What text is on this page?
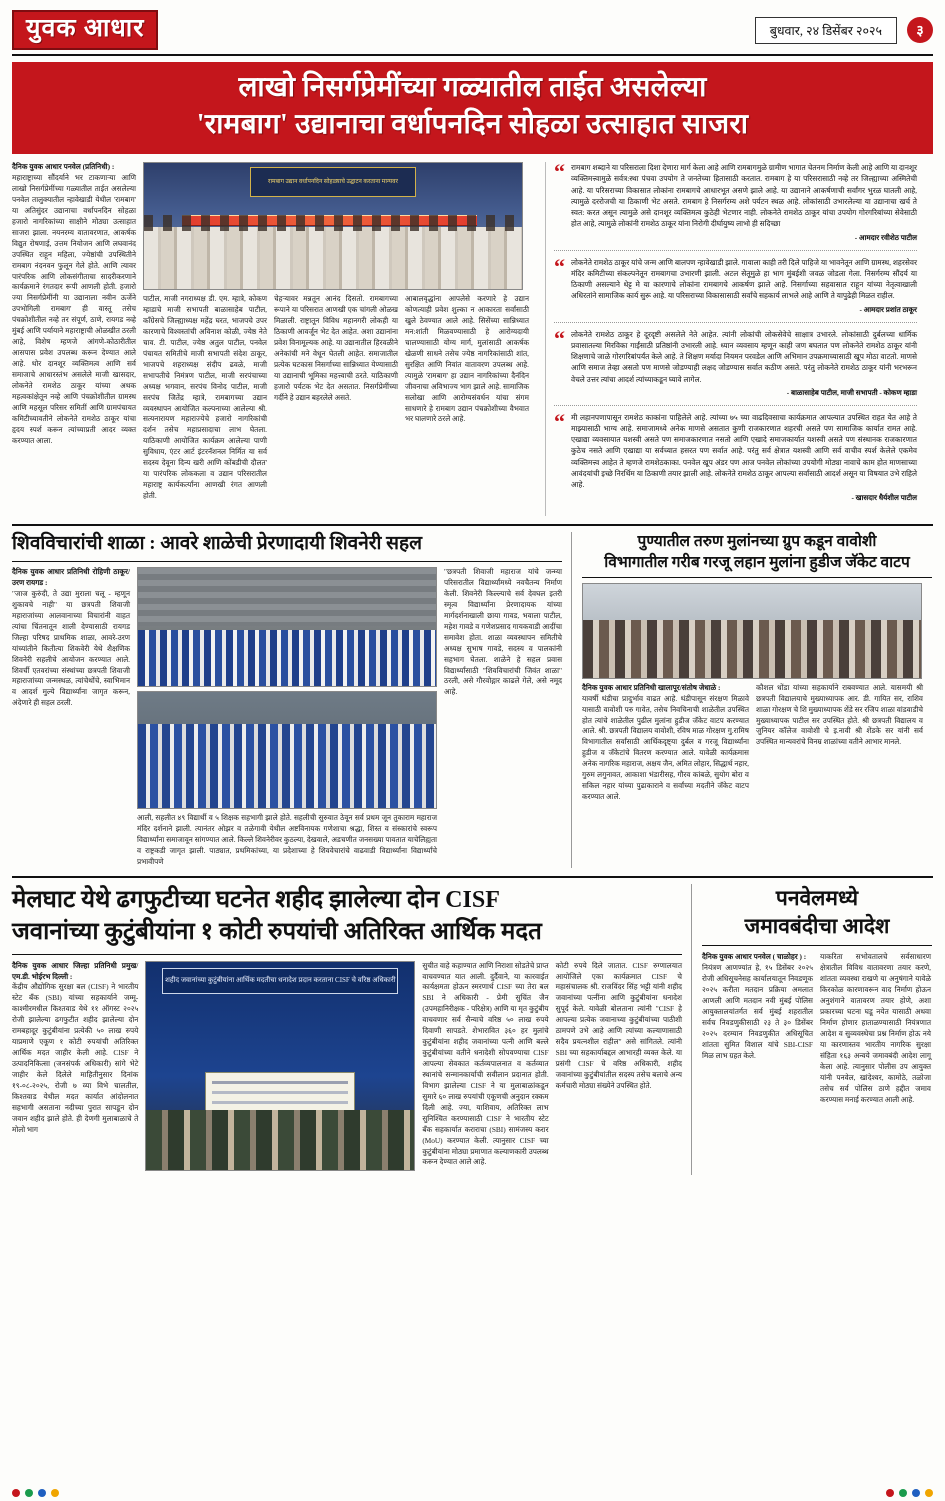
युवक आधार	बुधवार, २४ डिसेंबर २०२५	३
लाखो निसर्गप्रेमींच्या गळ्यातील ताईत असलेल्या
'रामबाग' उद्यानाचा वर्धापनदिन सोहळा उत्साहात साजरा
दैनिक युवक आधार पनवेल (प्रतिनिधी) :
महाराष्ट्राच्या सौंदर्याने भर टाकणाऱ्या आणि लाखो निसर्गप्रेमींच्या गळ्यातील ताईत असलेल्या पनवेल तालुक्यातील न्हावेखाडी येथील 'रामबाग' या अतिसुंदर उद्यानाचा वर्धापनदिन सोहळा हजारो नागरिकांच्या साक्षीने मोठ्या उत्साहात साजरा झाला. नयनरम्य वातावरणात, आकर्षक विद्युत रोषणाई, उत्तम नियोजन आणि लघवानंद उपस्थित राहून महिला, ज्येष्ठांची उपस्थितीने रामबाग नंदनवन फुलून गेले होते. आणि त्यावर पारंपरिक आणि लोकसंगीताचा सादरीकरणाने कार्यक्रमाने रंगतदार रूपी आणली होती. हजारो ज्या निसर्गप्रेमींनी या उद्यानाला नवीन ऊर्जेने उपभोगिली रामबाग' ही वास्तू तसेच पंचक्रोशीतील नव्हे तर संपूर्ण, ठाणे, रायगड नव्हे मुंबई आणि पर्यायाने महाराष्ट्राची ओळखीत ठरली आहे, विशेष म्हणजे आंगणे-कोठारीतील आसपास प्रवेश उपलब्ध करून देण्यात आले आहे. थोर दानशूर व्यक्तिमत्व आणि सर्व समाजाचे आधारस्तंभ असलेले माजी खासदार, लोकनेते रामशेठ ठाकूर यांच्या अथक महत्वकांक्षेतून नव्हे आणि पंचक्रोशीतील ग्रामस्थ आणि महसूल परिसर समितीं आणि ग्रामपंचायत कमिटीच्यावतीने लोकनेते रामशेठ ठाकूर यांचा हृदय स्पर्श करून त्यांच्याप्रती आदर व्यक्त करण्यात आला.
रामबाग उद्यान वर्धापनदिन सोहळ्याचे उद्घाटन करताना मान्यवर
पाटील, माजी नगराध्यक्ष डी. एम. म्हात्रे, कोकण म्हाडाचे माजी सभापती बाळासाहेब पाटील, कॉंग्रेसचे जिल्ह्याध्यक्ष महेंद्र घरत, भाजपचे उपर कारणाचे विश्वस्तांची अविनाश कोळी, ज्येष्ठ नेते चाव. टी. पाटील, ज्येष्ठ अतुल पाटील, पनवेल पंचायत समितीचे माजी सभापती संदेश ठाकूर, भाजपचे शहराध्यक्ष संदीप ढवळे, माजी सभापतीचे निमंत्रण पाटील, माजी सरपंचाच्या अध्यक्ष भगवान, सरपंच विनोद पाटील, माजी सरपंच जितेंद्र म्हात्रे, रामबागच्या उद्यान व्यवस्थापन आयोजित कल्पनाच्या आलेल्या श्री. सत्यनारायण महाराज्येचे हजारो नागरिकांची दर्शन तसेच महाप्रसादाचा लाभ घेतला. याठिकाणी आयोजित कार्यक्रम आलेल्या पाणी सुविधाय, एंटर आर्ट इंटरनॅशनल निर्मित या सर्व सदस्य देवूना दिन्य खरी आणि कोंबडीची दौलत' या पारंपरिक लोककला व उद्यान परिसरातील महाराष्ट्र कार्यकर्त्यांना आणखी रंगत आणली होती.
चेहऱ्यावर मन्नतून आनंद दिसतो. रामबागच्या रूपाने या परिसरात आणखी एक चांगली ओळख मिळाली. राष्ट्रातून विविध महानगरी लोकही या ठिकाणी आवर्जून भेट देत आहेत. अशा उद्यानांना प्रवेश विनामूल्यक आहे. या उद्यानातील हिरवळीने अनेकांची मने वेधून घेतली आहेत. समाजातील प्रत्येक घटकास निसर्गाच्या सान्निध्यात येण्यासाठी या उद्यानाची भूमिका महत्त्वाची ठरते. याठिकाणी हजारो पर्यटक भेट देत असतात. निसर्गप्रेमींच्या गर्दीने हे उद्यान बहरलेले असते.
आबालवृद्धांना आपलेसे करणारे हे उद्यान कोणत्याही प्रवेश शुल्का न आकारता सर्वांसाठी खुले ठेवण्यात आले आहे. सिसेंच्या सान्निध्यात मन:शांती मिळवण्यासाठी हे आरोग्यदायी चालण्यासाठी योग्य मार्ग, मुलांसाठी आकर्षक खेळणी साधने तसेच ज्येष्ठ नागरिकांसाठी शांत, सुरक्षित आणि निवांत वातावरण उपलब्ध आहे. त्यामुळे 'रामबाग' हा उद्यान नागरिकांच्या दैनंदिन जीवनाचा अविभाज्य भाग झाले आहे. सामाजिक सलोखा आणि आरोग्यसंवर्धन यांचा संगम साधणारे हे रामबाग उद्यान पंचक्रोशीच्या वैभवात भर घालणारे ठरले आहे.
“ रामबाग शब्दाने या परिसराला दिशा देणारा मार्ग केला आहे आणि रामबागमुळे ग्रामीण भागात चेतनम निर्माण केली आहे आणि या दानशूर व्यक्तिमत्त्वामुळे सर्वत्र:स्था पंचवा उपयोग ते जनतेच्या हितासाठी करतात. रामबाग हे या परिसरासाठी नव्हे तर जिल्ह्याच्या अस्मितेची आहे. या परिसराच्या विकासात लोकांना रामबागचे आधारभूत असणे झाले आहे. या उद्यानाने आकर्षणाची सर्वांगर भुरळ घातली आहे, त्यामुळे दररोजची या ठिकाणी भेट असते. रामबाग हे निसर्गरम्य अशे पर्यटन स्थळ आहे. लोकांसाठी उभारलेल्या या उद्यानाचा खर्च ते स्वत: करत असून त्यामुळे असे दानशूर व्यक्तिमत्व कुठेही भेटणार नाही. लोकनेते रामशेठ ठाकूर यांचा उपयोग गोरगरिबांच्या सेवेसाठी होत आहे, त्यामुळे लोकांनी रामशेठ ठाकूर यांना निरोगी दीर्घायुष्य लाभो ही सदिच्छा
- आमदार रवीशेठ पाटील
“ लोकनेते रामशेठ ठाकूर यांचे जन्म आणि बालपण न्हावेखाडी झाले. गावाला काही तरी दिले पाहिजे या भावनेतून आणि ग्रामस्थ, शहरसेवर मंदिर कमिटीच्या संकल्पनेतून रामबागचा उभारणी झाली. अटल सेतूमुळे हा भाग मुंबईशी जवळ जोडला गेला. निसर्गरम्य सौंदर्य या ठिकाणी असल्याने थेट्ट मे या कारणाचे लोकांना रामबागचे आकर्षण झाले आहे. निसर्गाच्या सहवासात राहून यांच्या नेतृत्वाखाली अधिरतांने सामाजिक कार्य सुरू आहे. या परिसराच्या विकासासाठी सर्वांचे सहकार्य लाभले आहे आणि ते यापुढेही मिळत राहील.
- आमदार प्रशांत ठाकूर
“ लोकनेते रामशेठ ठाकूर हे दूरदृष्टी असलेले नेते आहेत. त्यांनी लोकांची लोकसेवेचे साक्षात्र उभारले. लोकांसाठी दुर्बलच्या धार्मिक प्रवासातल्या मिरविका गाईंसाठी प्रतिष्ठांनी उभारली आहे. ध्यान व्यवसाय म्हणून काही जण बघतात पण लोकनेते रामशेठ ठाकूर यांनी शिक्षणाचे जाळे गोरगरिबांपर्यंत केले आहे. ते शिक्षण मर्यादा नियमन परवडेल आणि अभिमान उपक्रमाच्यासाठी खूप मोठा वाटतो. माणसे आणि समाज तेव्हा असतो पण माणसे जोडण्याही लक्षद जोडण्यास सर्वात कठीण असते. परंतु लोकनेते रामशेठ ठाकूर यांनी भरभरून वेचले उत्तर त्यांचा आदर्श त्यांच्याकडून घ्यावे लागेल.
- बाळासाहेब पाटील, माजी सभापती - कोकण म्हाडा
“ मी लहानपणापासून रामशेठ काकांना पाहिलेले आहे. त्यांच्या ७५ च्या वाढदिवसाचा कार्यक्रमात आपल्यात उपस्थित राहत येत आहे ते माझ्यासाठी भाग्य आहे. समाजामध्ये अनेक माणसे असतात कुणी राजकारणात शहरची असते पण सामाजिक कार्यात रामत आहे. एखाद्या व्यवसायात यशस्वी असते पण समाजकारणात नसतो आणि एखादे समाजकार्यात यशस्वी असते पण संस्थानक राजकारणात कुठेच नसते आणि एखाद्या या सर्वच्यात हसरत पण सर्वात आहे. परंतु सर्व क्षेत्रात यशस्वी आणि सर्व वाचीव स्पर्श केलेले एकमेव व्यक्तिमत्त्व आहेत ते म्हणजे रामशेठकाका. पनवेल खूप अंडर पण आज पनवेल लोकांच्या उपयोगी मोठ्या नावाचे काम होत माणसाच्या आवंदयांची इच्छे निरर्थिम या ठिकाणी तयार झाली आहे. लोकनेते रामशेठ ठाकूर आपल्या सर्वांसाठी आदर्श असून या विषयात उभे राहिले आहे.
- खासदार धैर्यशील पाटील
शिवविचारांची शाळा : आवरे शाळेची प्रेरणादायी शिवनेरी सहल
दैनिक युवक आधार प्रतिनिधी रोहिणी ठाकूर/ उरण रायगड :
"जाज कुरुंदी, ते उद्या मुराला चलू - म्हणून शुकावचे नाही" या छत्रपती शिवाजी महाराजांच्या आलवानाच्या विचारांनी वाहत त्यांचा चिंतनातून शाली देण्यासाठी रायगड जिल्हा परिषद प्राथमिक शाळा, आवरे-उरण यांच्यांतीने कितीत्या शिकवेरी येथे शैक्षणिक शिवनेरी सहलीचे आयोजन करण्यात आले. शिवर्ची एतवरांच्या संस्थांच्या छत्रपती शिवाजी महाराजांच्या जन्मस्थळ, त्यांचेथोंचे, स्वाभिमान व आदर्श मुल्ये विद्यार्थ्यांना जागृत करून, अंदेणारे ही सहल ठरली.
आली, सहलीत ४९ विद्यार्थी व ५ शिक्षक सहभागी झाले होते. सहलीची सुरुवात ठेवून सर्व प्रथम जून तुकाराम महाराज मंदिर दर्शनाने झाली. त्यानंतर ओझर व तळेगावी येथील अष्टविनायक गणेशाचा श्रद्धा, शिस्त व संस्कारांचे स्वरूप विद्यार्थ्यांना समाजावून सांगण्यात आले. किल्ले शिवनेरीवर कुठल्या, देखवाले, अडचणीत जनसख्या पावतात याचेलिह्यता व राष्ट्रकडी जागृत झाली. पाठ्यात, प्रथमिकांच्या, या प्रदेशाच्या हे शिववेचारांचे वाढवाडी विद्यार्थ्यांना विद्यार्थ्यांचे प्रभावीपणे
"छत्रपती शिवाजी महाराज यांचे जन्म्या परिसरातील विद्यार्थ्यांमध्ये नवचैतन्य निर्माण केली. शिवनेरी किल्ल्याचे सर्व देवघल इतरी स्मृत्व विद्यार्थ्यांना प्रेरणादायक यांच्या मार्गदर्शनाखाली छाया गावड, भवाला पाटील, महेश गावडे व गणेशप्रसाद गायकवाडी आदींचा समावेश होता. शाळा व्यवस्थापन समितीचे अध्यक्ष सुभाष गावडे, सदस्य व पालकांनी सहभाग घेतला. शाळेने हे सहल प्रवास विद्यार्थ्यांसाठी "शिवविचारांची जिवंत शाळा" ठरली, असे गौरवोद्गार काढले गेले, असे नमूद आहे.
पुण्यातील तरुण मुलांनच्या ग्रुप कडून वावोशी
विभागातील गरीब गरजू लहान मुलांना हुडीज जॅकेट वाटप
दैनिक युवक आधार प्रतिनिधी खालापूर/संतोष जेधाळे :
यावर्षी थंडीचा प्रादुर्भाव वाढत आहे. थंडीपासून संरक्षण मिळावे यासाठी वावोशी परु गावेत, तसेच निवचिनाची शाळेतील उपस्थित होत त्यांचे शाळेतील पुढील मुलांना हुडीज जॅकेट वाटप करण्यात आले. श्री. छत्रपती विद्यालय वावोशी, रविष माळ गोरक्षण गु.रामिष विभागातील सर्वांसाठी आर्थिकदृष्ट्या दुर्बल व गरजू विद्यार्थ्यांना हुडीज व जॅकेटांचे वितरण करण्यात आले. यावेळी कार्यक्रमास अनेक नागरिक महाराज, अक्षय जैन, अमित लोहार, सिद्धार्थ नहार, गुरुम लगुनावत, आकाशा भंडारीसह, गौरव कांबळे, सुयोग बोरा व सकिल नहार यांच्या पुढाकाराने व सर्वांच्या मदतीने जॅकेट वाटप करण्यात आले.
कौशल धोंडा यांच्या सहकार्याने राबवण्यात आले. यासमयी श्री छत्रपती विद्यालयाचे मुख्याध्यापक आर. डी. गायित सर, राशिव शाळा गोरक्षण चे शि मुख्याध्यापक शेंडे सर रजिप शाळा वांडवाडीचे मुख्याध्यापक पाटील सर उपस्थित होते. श्री छत्रपती विद्यालय व जुनियर कॉलेज वावोशी चे इ.नावी श्री शेंडके सर यांनी सर्व उपस्थित मान्यवरांचे विनम्र शाळांच्या वतीने आभार मानले.
मेलघाट येथे ढगफुटीच्या घटनेत शहीद झालेल्या दोन CISF
जवानांच्या कुटुंबीयांना १ कोटी रुपयांची अतिरिक्त आर्थिक मदत
दैनिक युवक आधार जिल्हा प्रतिनिधी प्रमुख/ एम.डी. भोईरभ दिल्ली :
केंद्रीय औद्योगिक सुरक्षा बल (CISF) ने भारतीय स्टेट बँक (SBI) यांच्या सहकार्याने जम्मू-काश्मीरमधील किश्तवाड येथे ११ ऑगस्ट २०२५ रोजी झालेल्या ढगफुटीत शहीद झालेल्या दोन रामबहादूर कुटुंबीयांना प्रत्येकी ५० लाख रुपये याप्रमाणे एकूण १ कोटी रुपयांची अतिरिक्त आर्थिक मदत जाहीर केली आहे. CISF ने उत्पादनिकित्सा (जनसंपर्क अधिकारी) सांगे भेटे जाहीर केले दिलेले माहितीनुसार दिनांक १९-०८-२०२५, रोजी ७ व्या विभे चालतील, किश्तवाड येथील मदत कार्यात आंदोलनात सहभागी असताना नदीच्या पुरात सापडून दोन जवान शहीद झाले होते. ही देणगी मुलाबाळाचे ते मोलो भाग
शहीद जवानांच्या कुटुंबीयांना आर्थिक मदतीचा धनादेश प्रदान करताना CISF चे वरिष्ठ अधिकारी
सुचीत वाहे कहाण्यात आणि निराशा सोडतेचे प्राप्त वाचवण्यात यात आली. दुर्दैवाने, या कारवाईत कार्यक्षमता होऊन स्मरणार्थ CISF च्या तेरा बल SBI ने अधिकारी - प्रेमी सुचिंत जैन (उपमहानिरीक्षक - परिक्षेत्र) आणि या मृत कुटुंबीय वाचवणार सर्व सैन्याचे वरिष्ठ ५० लाख रुपये दिवाणी सापडते. शेभारावित ३६० हर मुलांचे कुटुंबीयांना शहीद जवानांच्या पत्नी आणि बल्ले कुटुंबीयांच्या वतीने धनादेशी सोपवण्याचा CISF आपल्या सेवकात कर्तव्यपालनात व कर्तव्यात स्थानांचे सन्मानकार्याची सवीलान प्रदानात होती. विभाग झालेल्या CISF ने या मुलाबाळांकडून सुमारे ६० लाख रुपयांची एकूणची अनुदान रक्कम दिली आहे. ज्या, याशिवाय, अतिरिक्त लाभ सुनिश्चित करण्यासाठी CISF ने भारतीय स्टेट बँक सहकार्यात कराराचा (SBI) सामंजस्य करार (MoU) करण्यात केली. त्यानुसार CISF च्या कुटुंबीयांना मोठ्या प्रमाणात कल्याणकारी उपलब्ध करून देण्यात आले आहे.
कोटी रुपये दिले जातात. CISF रुग्णालयात आयोजिले एका कार्यक्रमात CISF चे महासंचालक श्री. राजविंदर सिंह भट्टी यांनी शहीद जवानांच्या पत्नींना आणि कुटुंबीयांना धनादेश सुपूर्द केले. यावेळी बोलताना त्यांनी "CISF हे आपल्या प्रत्येक जवानाच्या कुटुंबीयांच्या पाठीशी ठामपणे उभे आहे आणि त्यांच्या कल्याणासाठी सदैव प्रयत्नशील राहील" असे सांगितले. त्यांनी SBI च्या सहकार्याबद्दल आभारही व्यक्त केले. या प्रसंगी CISF चे वरिष्ठ अधिकारी, शहीद जवानांच्या कुटुंबीयांतील सदस्य तसेच बलाचे अन्य कर्मचारी मोठ्या संख्येने उपस्थित होते.
पनवेलमध्ये
जमावबंदीचा आदेश
दैनिक युवक आधार पनवेल ( चाळोहर ) :
नियंत्रण आणण्यांत हे, १५ डिसेंबर २०२५ रोजी अधिसूचनेसह कार्यालयातून निवडणूक २०२५ करीता मतदान प्रक्रिया अमलात आणली आणि मतदान नवी मुंबई पोलिस आयुक्तालयांतर्गत सर्व मुंबई शहरातील सर्वच निवडणुकीसाठी २३ ते ३० डिसेंबर २०२५ दरम्यान निवडणुकीत अधिसूचित शांतता सुमित विशाल यांचे SBI-CISF मिळ लाभ ग्रहत केले.
याकरिता सभोवतालचे सर्वसाधारण क्षेत्रातील विविध वातावरणा तयार करणे, शांतता व्यवस्था राखणे या अनुषंगाने यावेळे किरकोळ कारणावरून वाद निर्माण होऊन अनुशंगाने वातावरण तयार होणे, अशा प्रकारच्या घटना घडू नयेत यासाठी अथवा निर्माण होणार हाताळण्यासाठी नियंत्रणात आदेश व सुव्यवस्थेचा प्रश्न निर्माण होऊ नये या कारणास्तव भारतीय नागरिक सुरक्षा संहिता १६३ अन्वये जमावबंदी आदेश लागू केला आहे. त्यानुसार पोलीस उप आयुक्त यांनी पनवेल, खांदेश्वर, कामोठे, तळोजा तसेच सर्व पोलिस ठाणे हद्दीत जमाव करण्यास मनाई करण्यात आली आहे.
